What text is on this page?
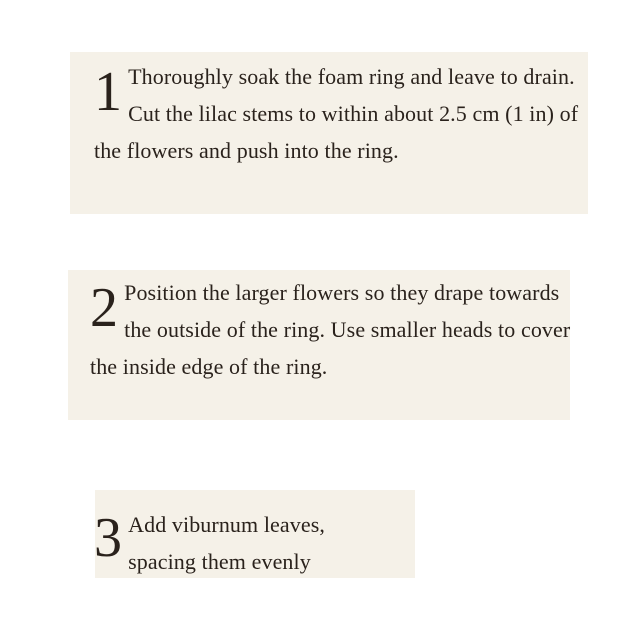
1 Thoroughly soak the foam ring and leave to drain. Cut the lilac stems to within about 2.5 cm (1 in) of the flowers and push into the ring.

2 Position the larger flowers so they drape towards the outside of the ring. Use smaller heads to cover the inside edge of the ring.

3 Add viburnum leaves, spacing them evenly
